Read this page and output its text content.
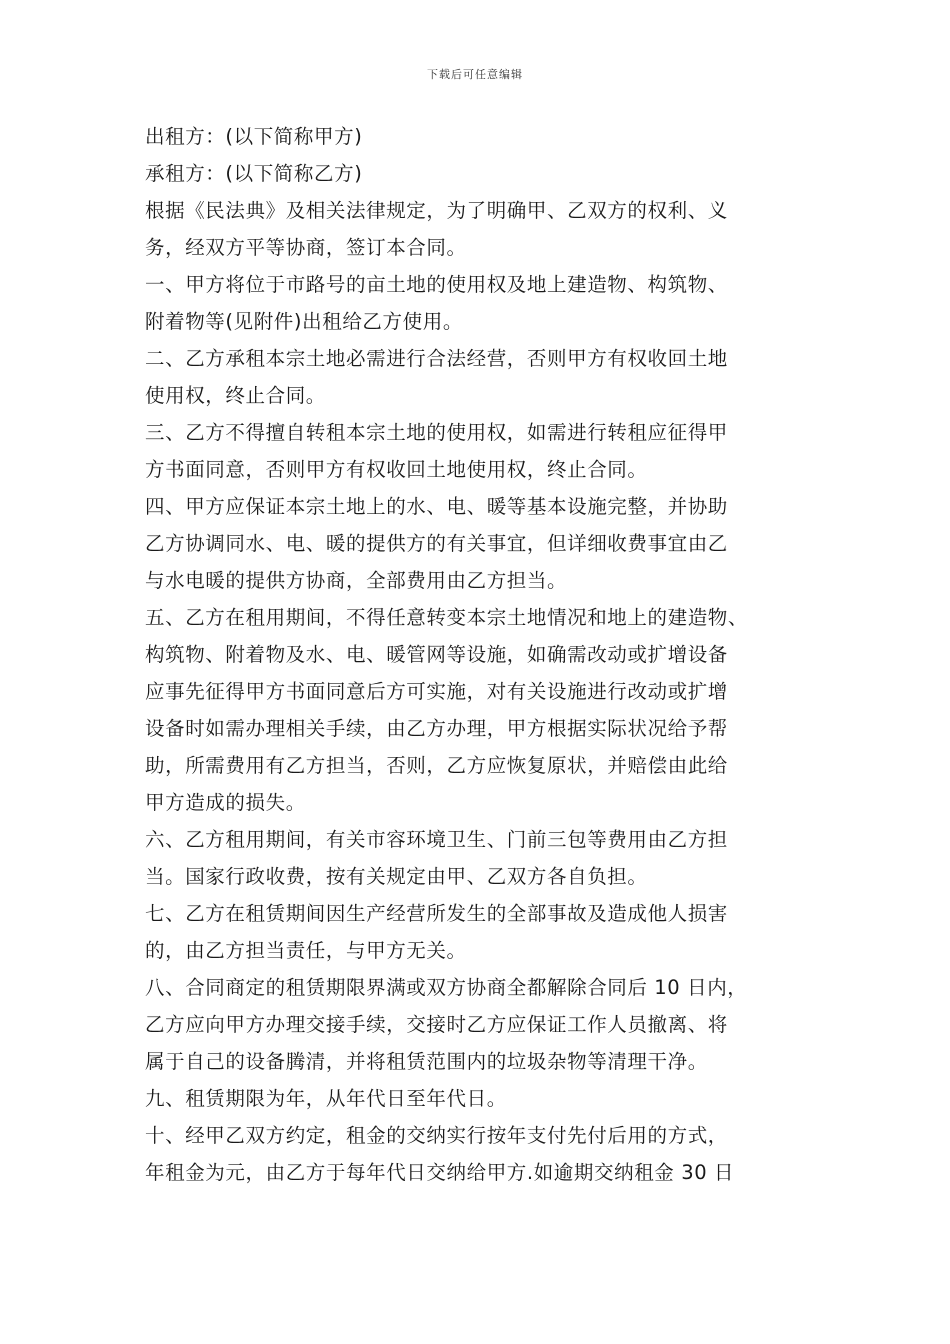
下载后可任意编辑
出租方：(以下简称甲方)
承租方：(以下简称乙方)
根据《民法典》及相关法律规定，为了明确甲、乙双方的权利、义
务，经双方平等协商，签订本合同。
一、甲方将位于市路号的亩土地的使用权及地上建造物、构筑物、
附着物等(见附件)出租给乙方使用。
二、乙方承租本宗土地必需进行合法经营，否则甲方有权收回土地
使用权，终止合同。
三、乙方不得擅自转租本宗土地的使用权，如需进行转租应征得甲
方书面同意，否则甲方有权收回土地使用权，终止合同。
四、甲方应保证本宗土地上的水、电、暖等基本设施完整，并协助
乙方协调同水、电、暖的提供方的有关事宜，但详细收费事宜由乙
与水电暖的提供方协商，全部费用由乙方担当。
五、乙方在租用期间，不得任意转变本宗土地情况和地上的建造物、
构筑物、附着物及水、电、暖管网等设施，如确需改动或扩增设备
应事先征得甲方书面同意后方可实施，对有关设施进行改动或扩增
设备时如需办理相关手续，由乙方办理，甲方根据实际状况给予帮
助，所需费用有乙方担当，否则，乙方应恢复原状，并赔偿由此给
甲方造成的损失。
六、乙方租用期间，有关市容环境卫生、门前三包等费用由乙方担
当。国家行政收费，按有关规定由甲、乙双方各自负担。
七、乙方在租赁期间因生产经营所发生的全部事故及造成他人损害
的，由乙方担当责任，与甲方无关。
八、合同商定的租赁期限界满或双方协商全都解除合同后 10 日内，
乙方应向甲方办理交接手续，交接时乙方应保证工作人员撤离、将
属于自己的设备腾清，并将租赁范围内的垃圾杂物等清理干净。
九、租赁期限为年，从年代日至年代日。
十、经甲乙双方约定，租金的交纳实行按年支付先付后用的方式，
年租金为元，由乙方于每年代日交纳给甲方.如逾期交纳租金 30 日
